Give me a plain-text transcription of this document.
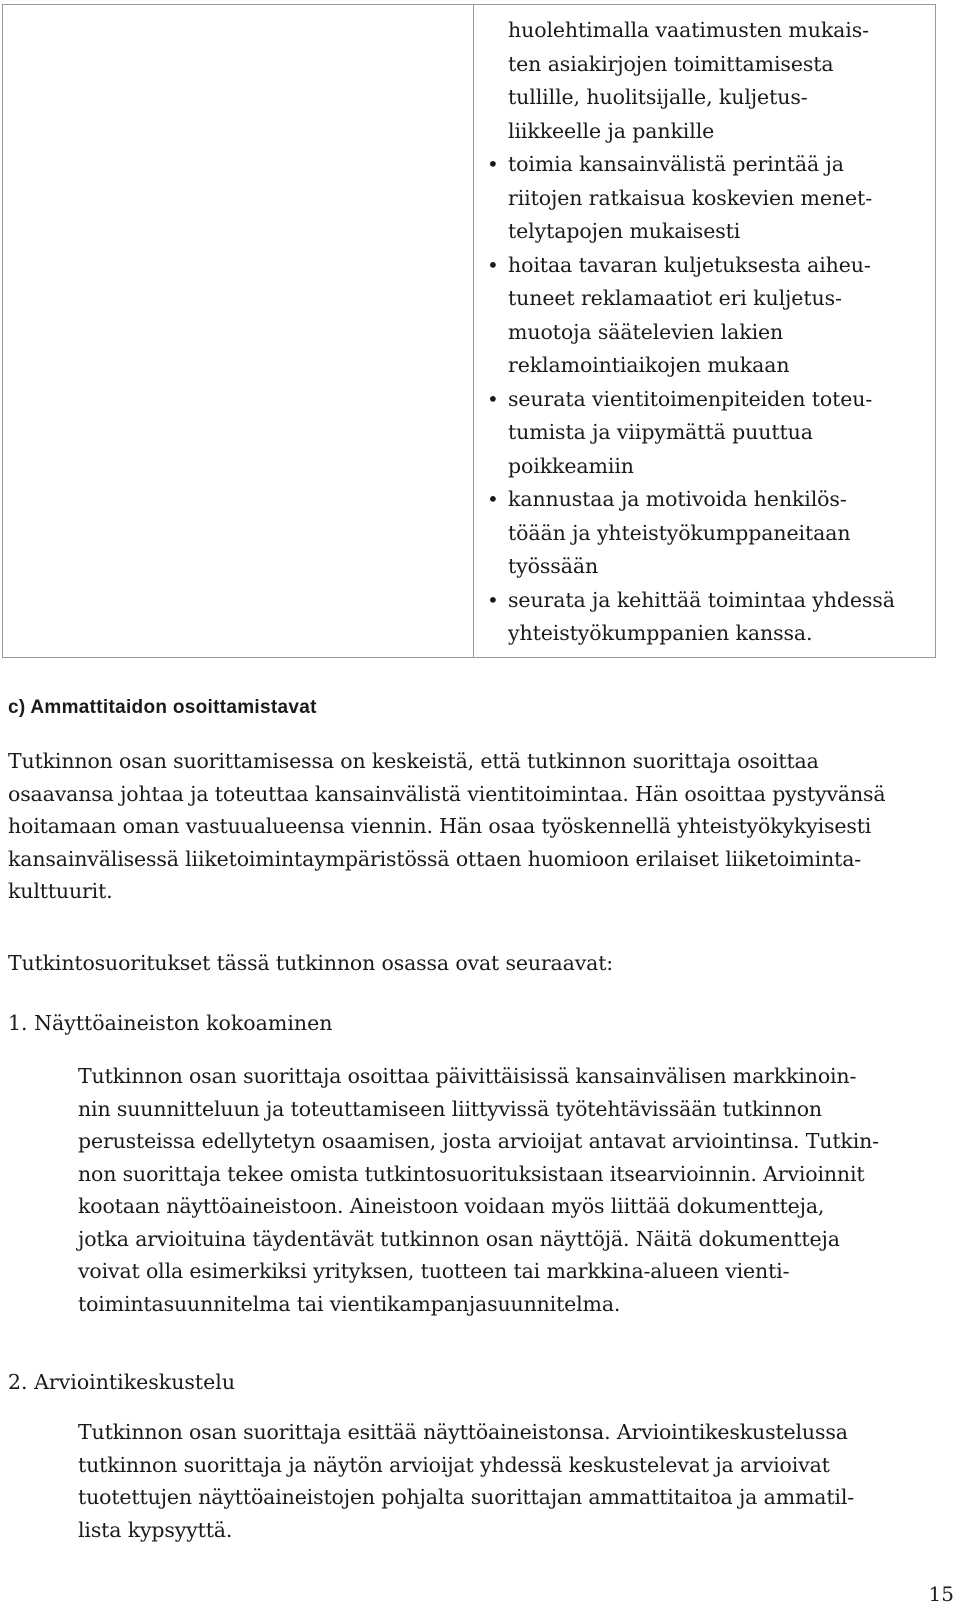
huolehtimalla vaatimusten mukais-
ten asiakirjojen toimittamisesta
tullille, huolitsijalle, kuljetus-
liikkeelle ja pankille
• toimia kansainvälistä perintää ja
riitojen ratkaisua koskevien menet-
telytapojen mukaisesti
• hoitaa tavaran kuljetuksesta aiheu-
tuneet reklamaatiot eri kuljetus-
muotoja säätelevien lakien
reklamointiaikojen mukaan
• seurata vientitoimenpiteiden toteu-
tumista ja viipymättä puuttua
poikkeamiin
• kannustaa ja motivoida henkilös-
töään ja yhteistyökumppaneitaan
työssään
• seurata ja kehittää toimintaa yhdessä
yhteistyökumppanien kanssa.
c) Ammattitaidon osoittamistavat
Tutkinnon osan suorittamisessa on keskeistä, että tutkinnon suorittaja osoittaa
osaavansa johtaa ja toteuttaa kansainvälistä vientitoimintaa. Hän osoittaa pystyvänsä
hoitamaan oman vastuualueensa viennin. Hän osaa työskennellä yhteistyökykyisesti
kansainvälisessä liiketoimintaympäristössä ottaen huomioon erilaiset liiketoiminta-
kulttuurit.
Tutkintosuoritukset tässä tutkinnon osassa ovat seuraavat:
1. Näyttöaineiston kokoaminen
Tutkinnon osan suorittaja osoittaa päivittäisissä kansainvälisen markkinoin-
nin suunnitteluun ja toteuttamiseen liittyvissä työtehtävissään tutkinnon
perusteissa edellytetyn osaamisen, josta arvioijat antavat arviointinsa. Tutkin-
non suorittaja tekee omista tutkintosuorituksistaan itsearvioinnin. Arvioinnit
kootaan näyttöaineistoon. Aineistoon voidaan myös liittää dokumentteja,
jotka arvioituina täydentävät tutkinnon osan näyttöjä. Näitä dokumentteja
voivat olla esimerkiksi yrityksen, tuotteen tai markkina-alueen vienti-
toimintasuunnitelma tai vientikampanjasuunnitelma.
2. Arviointikeskustelu
Tutkinnon osan suorittaja esittää näyttöaineistonsa. Arviointikeskustelussa
tutkinnon suorittaja ja näytön arvioijat yhdessä keskustelevat ja arvioivat
tuotettujen näyttöaineistojen pohjalta suorittajan ammattitaitoa ja ammatil-
lista kypsyyttä.
15
